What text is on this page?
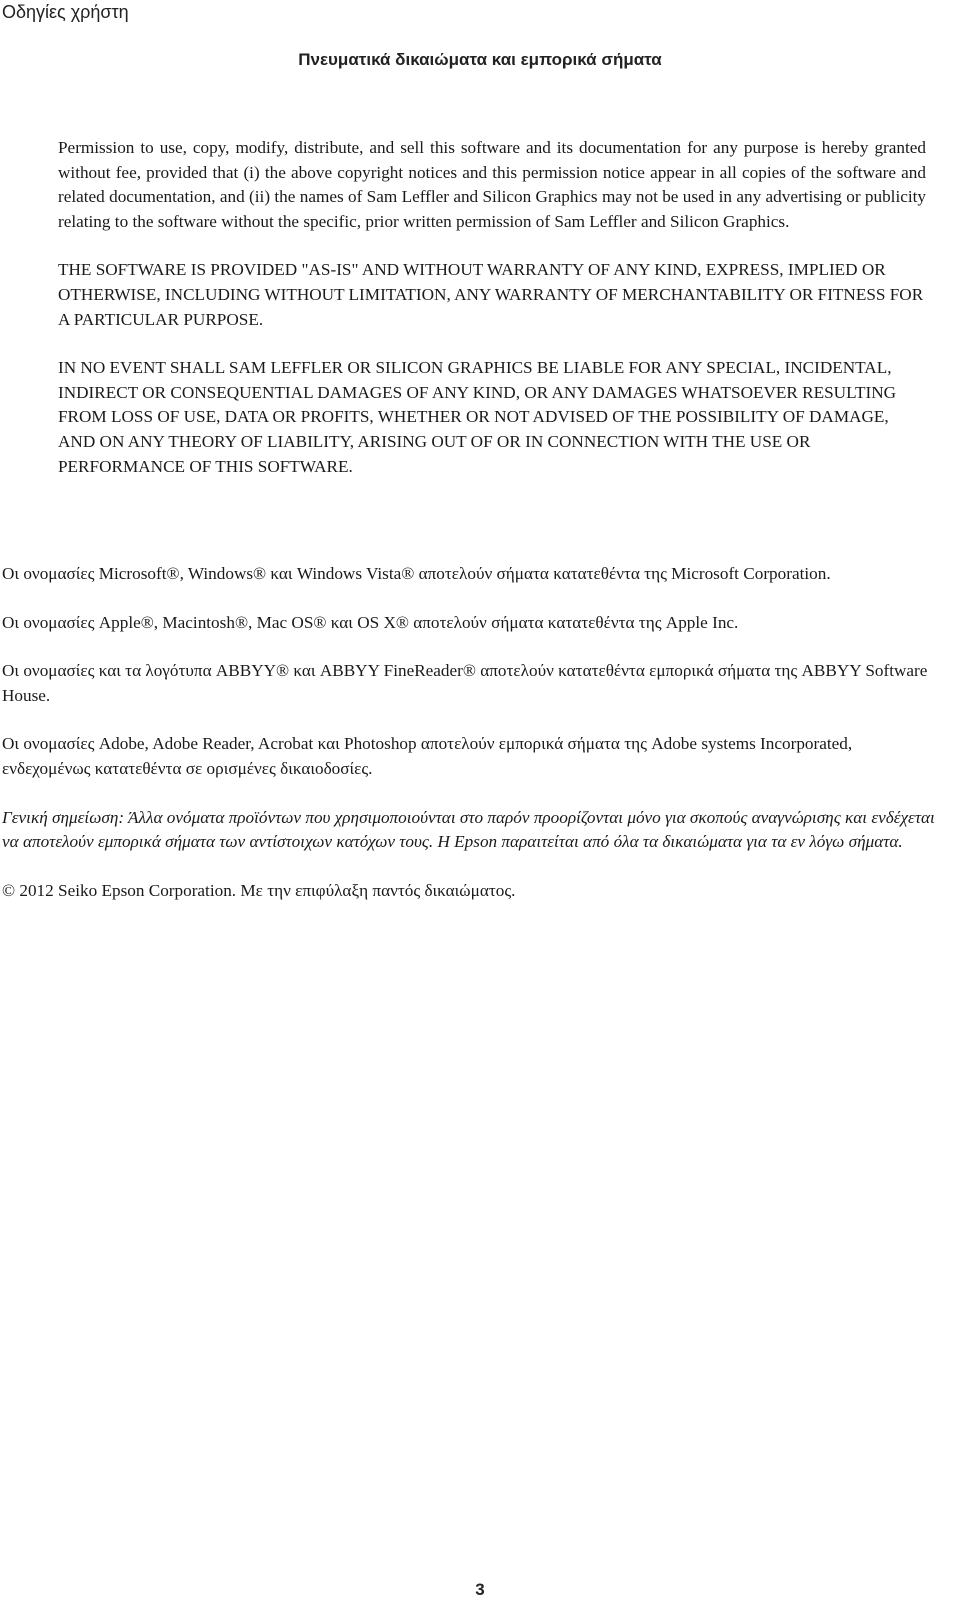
Οδηγίες χρήστη
Πνευματικά δικαιώματα και εμπορικά σήματα

Permission to use, copy, modify, distribute, and sell this software and its documentation for any purpose is hereby granted without fee, provided that (i) the above copyright notices and this permission notice appear in all copies of the software and related documentation, and (ii) the names of Sam Leffler and Silicon Graphics may not be used in any advertising or publicity relating to the software without the specific, prior written permission of Sam Leffler and Silicon Graphics.

THE SOFTWARE IS PROVIDED "AS-IS" AND WITHOUT WARRANTY OF ANY KIND, EXPRESS, IMPLIED OR OTHERWISE, INCLUDING WITHOUT LIMITATION, ANY WARRANTY OF MERCHANTABILITY OR FITNESS FOR A PARTICULAR PURPOSE.

IN NO EVENT SHALL SAM LEFFLER OR SILICON GRAPHICS BE LIABLE FOR ANY SPECIAL, INCIDENTAL, INDIRECT OR CONSEQUENTIAL DAMAGES OF ANY KIND, OR ANY DAMAGES WHATSOEVER RESULTING FROM LOSS OF USE, DATA OR PROFITS, WHETHER OR NOT ADVISED OF THE POSSIBILITY OF DAMAGE, AND ON ANY THEORY OF LIABILITY, ARISING OUT OF OR IN CONNECTION WITH THE USE OR PERFORMANCE OF THIS SOFTWARE.

Οι ονομασίες Microsoft®, Windows® και Windows Vista® αποτελούν σήματα κατατεθέντα της Microsoft Corporation.

Οι ονομασίες Apple®, Macintosh®, Mac OS® και OS X® αποτελούν σήματα κατατεθέντα της Apple Inc.

Οι ονομασίες και τα λογότυπα ABBYY® και ABBYY FineReader® αποτελούν κατατεθέντα εμπορικά σήματα της ABBYY Software House.

Οι ονομασίες Adobe, Adobe Reader, Acrobat και Photoshop αποτελούν εμπορικά σήματα της Adobe systems Incorporated, ενδεχομένως κατατεθέντα σε ορισμένες δικαιοδοσίες.

Γενική σημείωση: Άλλα ονόματα προϊόντων που χρησιμοποιούνται στο παρόν προορίζονται μόνο για σκοπούς αναγνώρισης και ενδέχεται να αποτελούν εμπορικά σήματα των αντίστοιχων κατόχων τους. Η Epson παραιτείται από όλα τα δικαιώματα για τα εν λόγω σήματα.

© 2012 Seiko Epson Corporation. Με την επιφύλαξη παντός δικαιώματος.

3
